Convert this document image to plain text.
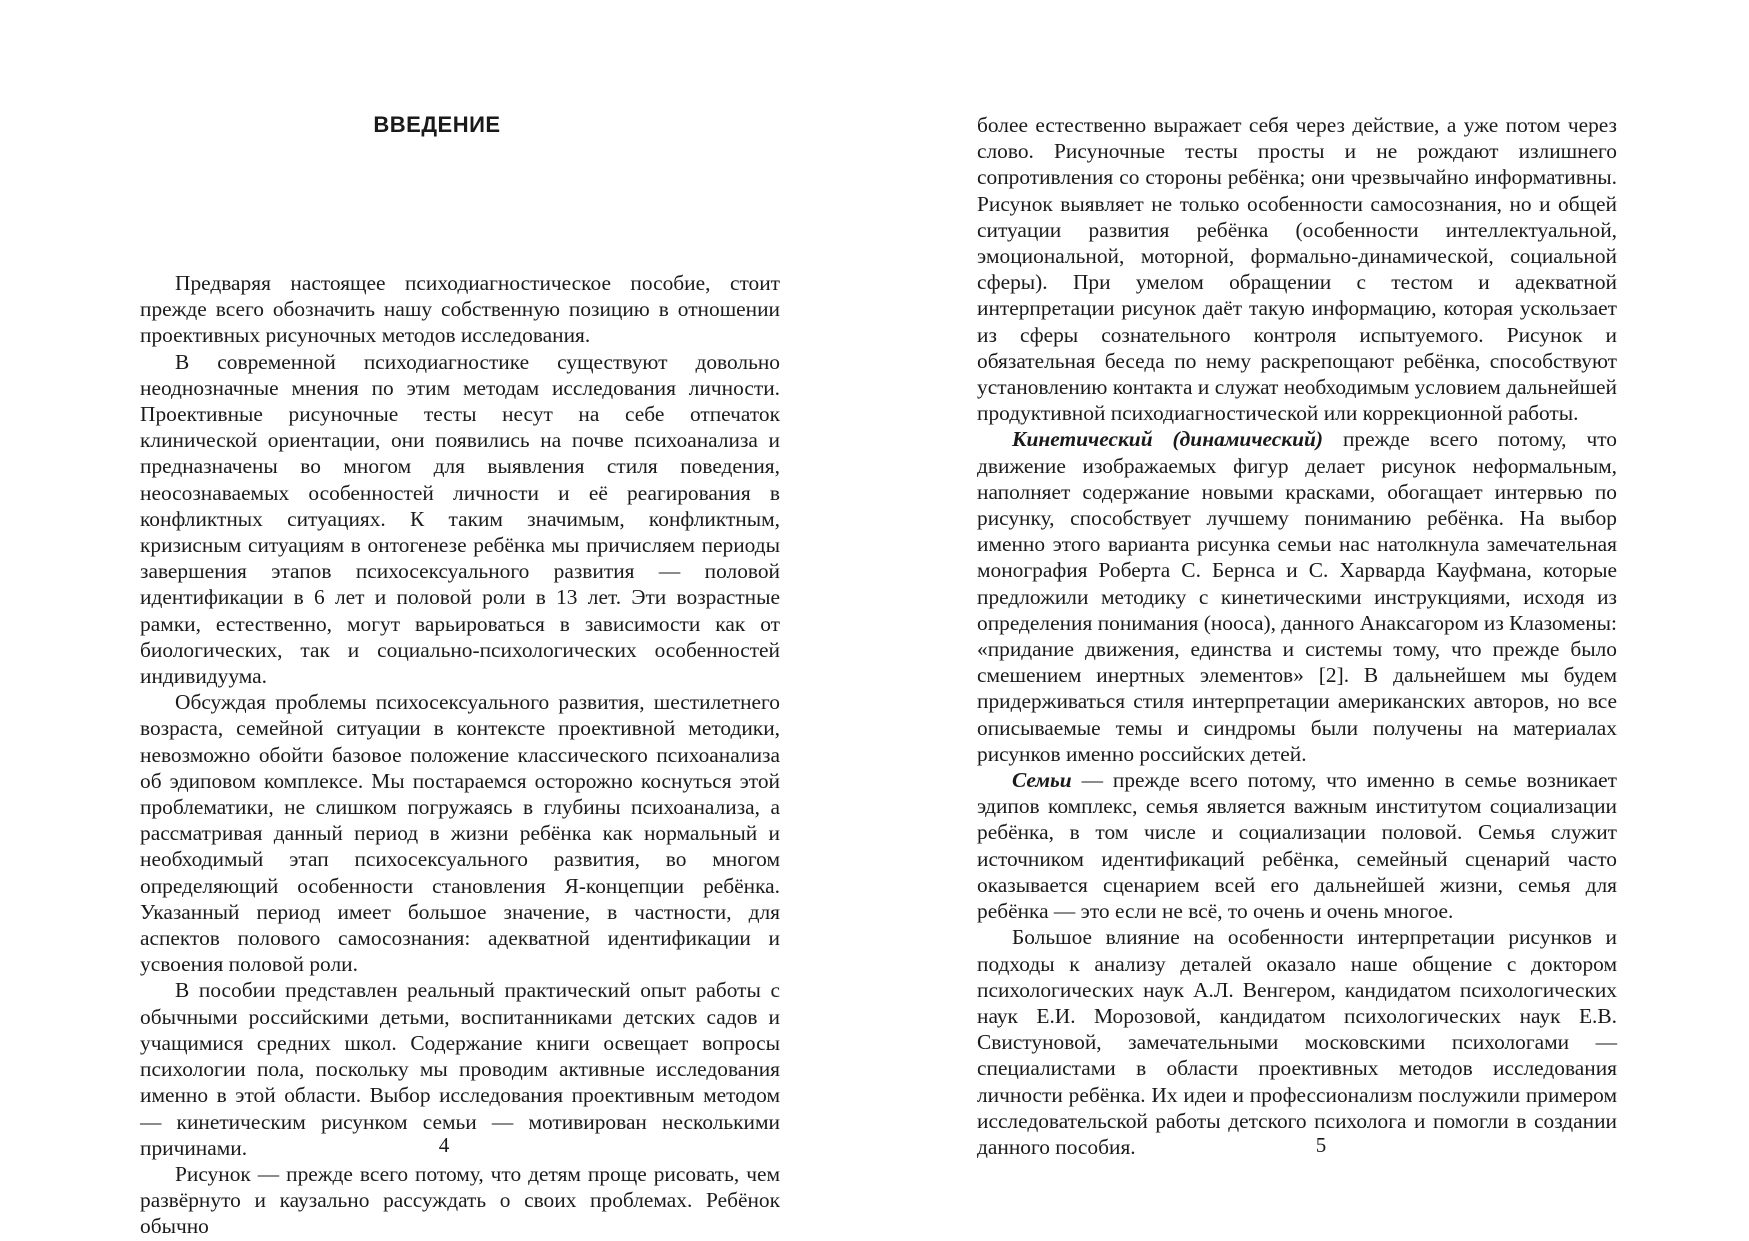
ВВЕДЕНИЕ

Предваряя настоящее психодиагностическое пособие, стоит прежде всего обозначить нашу собственную позицию в отношении проективных рисуночных методов исследования.

В современной психодиагностике существуют довольно неоднозначные мнения по этим методам исследования личности. Проективные рисуночные тесты несут на себе отпечаток клинической ориентации, они появились на почве психоанализа и предназначены во многом для выявления стиля поведения, неосознаваемых особенностей личности и её реагирования в конфликтных ситуациях. К таким значимым, конфликтным, кризисным ситуациям в онтогенезе ребёнка мы причисляем периоды завершения этапов психосексуального развития — половой идентификации в 6 лет и половой роли в 13 лет. Эти возрастные рамки, естественно, могут варьироваться в зависимости как от биологических, так и социально-психологических особенностей индивидуума.

Обсуждая проблемы психосексуального развития, шестилетнего возраста, семейной ситуации в контексте проективной методики, невозможно обойти базовое положение классического психоанализа об эдиповом комплексе. Мы постараемся осторожно коснуться этой проблематики, не слишком погружаясь в глубины психоанализа, а рассматривая данный период в жизни ребёнка как нормальный и необходимый этап психосексуального развития, во многом определяющий особенности становления Я-концепции ребёнка. Указанный период имеет большое значение, в частности, для аспектов полового самосознания: адекватной идентификации и усвоения половой роли.

В пособии представлен реальный практический опыт работы с обычными российскими детьми, воспитанниками детских садов и учащимися средних школ. Содержание книги освещает вопросы психологии пола, поскольку мы проводим активные исследования именно в этой области. Выбор исследования проективным методом — кинетическим рисунком семьи — мотивирован несколькими причинами.

Рисунок — прежде всего потому, что детям проще рисовать, чем развёрнуто и каузально рассуждать о своих проблемах. Ребёнок обычно

4

более естественно выражает себя через действие, а уже потом через слово. Рисуночные тесты просты и не рождают излишнего сопротивления со стороны ребёнка; они чрезвычайно информативны. Рисунок выявляет не только особенности самосознания, но и общей ситуации развития ребёнка (особенности интеллектуальной, эмоциональной, моторной, формально-динамической, социальной сферы). При умелом обращении с тестом и адекватной интерпретации рисунок даёт такую информацию, которая ускользает из сферы сознательного контроля испытуемого. Рисунок и обязательная беседа по нему раскрепощают ребёнка, способствуют установлению контакта и служат необходимым условием дальнейшей продуктивной психодиагностической или коррекционной работы.

Кинетический (динамический) прежде всего потому, что движение изображаемых фигур делает рисунок неформальным, наполняет содержание новыми красками, обогащает интервью по рисунку, способствует лучшему пониманию ребёнка. На выбор именно этого варианта рисунка семьи нас натолкнула замечательная монография Роберта С. Бернса и С. Харварда Кауфмана, которые предложили методику с кинетическими инструкциями, исходя из определения понимания (нооса), данного Анаксагором из Клазомены: «придание движения, единства и системы тому, что прежде было смешением инертных элементов» [2]. В дальнейшем мы будем придерживаться стиля интерпретации американских авторов, но все описываемые темы и синдромы были получены на материалах рисунков именно российских детей.

Семьи — прежде всего потому, что именно в семье возникает эдипов комплекс, семья является важным институтом социализации ребёнка, в том числе и социализации половой. Семья служит источником идентификаций ребёнка, семейный сценарий часто оказывается сценарием всей его дальнейшей жизни, семья для ребёнка — это если не всё, то очень и очень многое.

Большое влияние на особенности интерпретации рисунков и подходы к анализу деталей оказало наше общение с доктором психологических наук А.Л. Венгером, кандидатом психологических наук Е.И. Морозовой, кандидатом психологических наук Е.В. Свистуновой, замечательными московскими психологами — специалистами в области проективных методов исследования личности ребёнка. Их идеи и профессионализм послужили примером исследовательской работы детского психолога и помогли в создании данного пособия.	5
